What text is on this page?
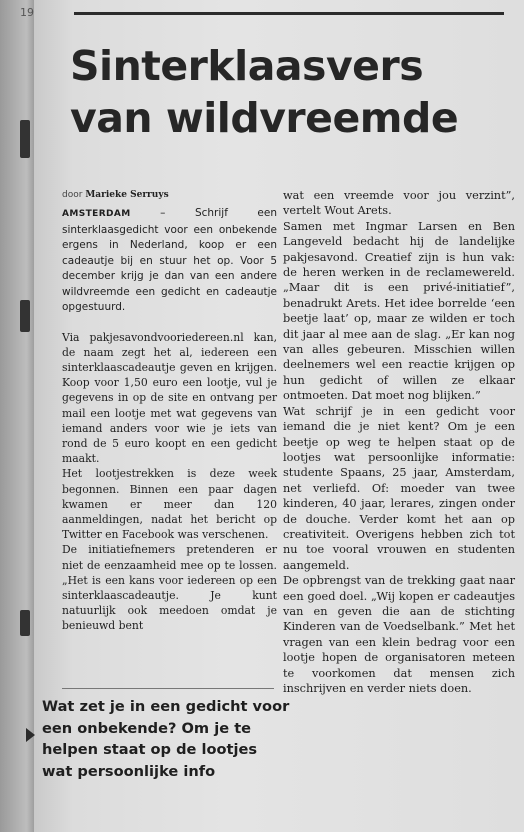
19
Sinterklaasvers
van wildvreemde

door Marieke Serruys

AMSTERDAM – Schrijf een sinterklaasgedicht voor een onbekende ergens in Nederland, koop er een cadeautje bij en stuur het op. Voor 5 december krijg je dan van een andere wildvreemde een gedicht en cadeautje opgestuurd.

Via pakjesavondvooriedereen.nl kan, de naam zegt het al, iedereen een sinterklaascadeautje geven en krijgen. Koop voor 1,50 euro een lootje, vul je gegevens in op de site en ontvang per mail een lootje met wat gegevens van iemand anders voor wie je iets van rond de 5 euro koopt en een gedicht maakt.

Het lootjestrekken is deze week begonnen. Binnen een paar dagen kwamen er meer dan 120 aanmeldingen, nadat het bericht op Twitter en Facebook was verschenen.

De initiatiefnemers pretenderen er niet de eenzaamheid mee op te lossen. „Het is een kans voor iedereen op een sinterklaascadeautje. Je kunt natuurlijk ook meedoen omdat je benieuwd bent

wat een vreemde voor jou verzint”, vertelt Wout Arets.

Samen met Ingmar Larsen en Ben Langeveld bedacht hij de landelijke pakjesavond. Creatief zijn is hun vak: de heren werken in de reclamewereld. „Maar dit is een privé-initiatief”, benadrukt Arets. Het idee borrelde ‘een beetje laat’ op, maar ze wilden er toch dit jaar al mee aan de slag. „Er kan nog van alles gebeuren. Misschien willen deelnemers wel een reactie krijgen op hun gedicht of willen ze elkaar ontmoeten. Dat moet nog blijken.”

Wat schrijf je in een gedicht voor iemand die je niet kent? Om je een beetje op weg te helpen staat op de lootjes wat persoonlijke informatie: studente Spaans, 25 jaar, Amsterdam, net verliefd. Of: moeder van twee kinderen, 40 jaar, lerares, zingen onder de douche. Verder komt het aan op creativiteit. Overigens hebben zich tot nu toe vooral vrouwen en studenten aangemeld.

De opbrengst van de trekking gaat naar een goed doel. „Wij kopen er cadeautjes van en geven die aan de stichting Kinderen van de Voedselbank.” Met het vragen van een klein bedrag voor een lootje hopen de organisatoren meteen te voorkomen dat mensen zich inschrijven en verder niets doen.

Wat zet je in een gedicht voor een onbekende? Om je te helpen staat op de lootjes wat persoonlijke info
